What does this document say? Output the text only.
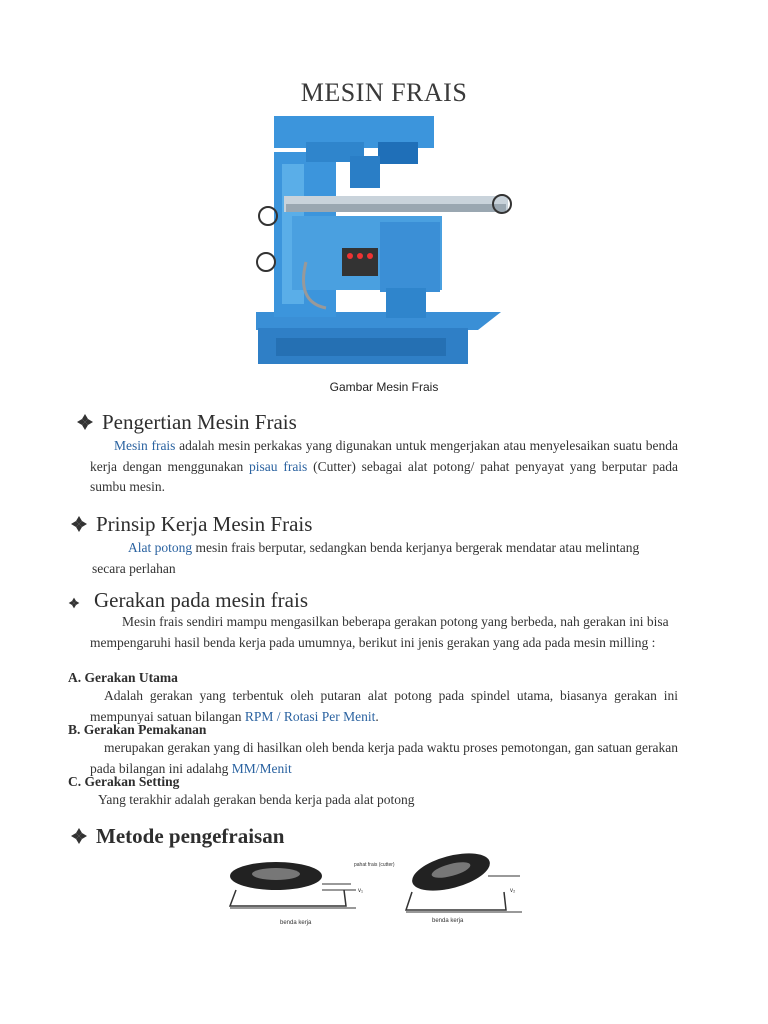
MESIN FRAIS
Gambar Mesin Frais
Pengertian Mesin Frais
Mesin frais adalah mesin perkakas yang digunakan untuk mengerjakan atau menyelesaikan suatu benda kerja dengan menggunakan pisau frais (Cutter) sebagai alat potong/ pahat penyayat yang berputar pada sumbu mesin.
Prinsip Kerja Mesin Frais
Alat potong mesin frais berputar, sedangkan benda kerjanya bergerak mendatar atau melintang secara perlahan
Gerakan pada mesin frais
Mesin frais sendiri mampu mengasilkan beberapa gerakan potong yang berbeda, nah gerakan ini bisa mempengaruhi hasil benda kerja pada umumnya, berikut ini jenis gerakan yang ada pada mesin milling :
A. Gerakan Utama
Adalah gerakan yang terbentuk oleh putaran alat potong pada spindel utama, biasanya gerakan ini mempunyai satuan bilangan RPM / Rotasi Per Menit.
B. Gerakan Pemakanan
merupakan gerakan yang di hasilkan oleh benda kerja pada waktu proses pemotongan, gan satuan gerakan pada bilangan ini adalahg MM/Menit
C. Gerakan Setting
Yang terakhir adalah gerakan benda kerja pada alat potong
Metode pengefraisan
benda kerja
v₁
pahat frais (cutter)
benda kerja
v₂
